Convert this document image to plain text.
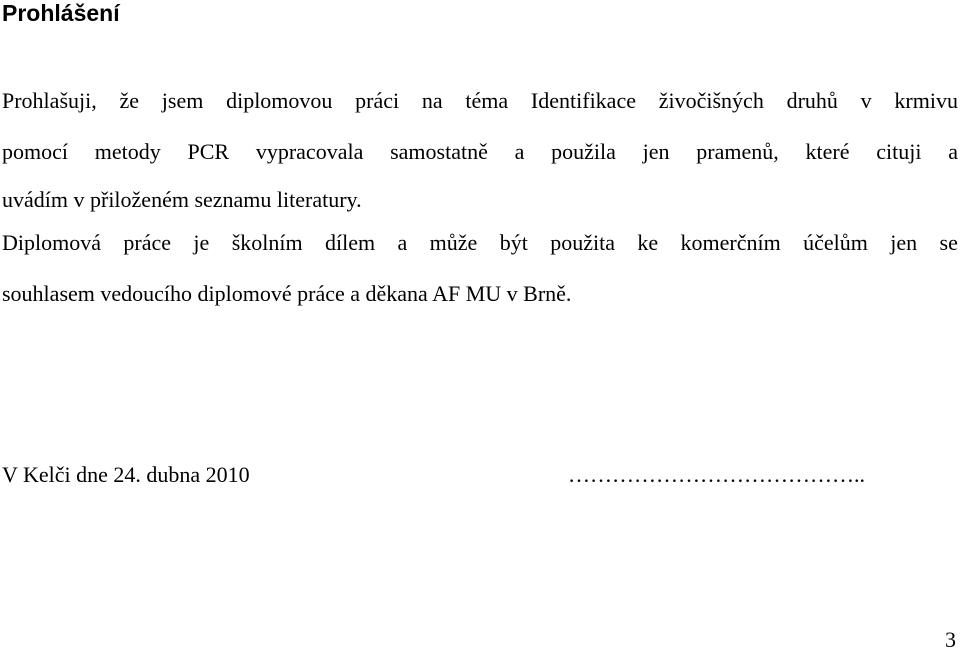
Prohlášení
Prohlašuji, že jsem diplomovou práci na téma Identifikace živočišných druhů v krmivu
pomocí metody PCR vypracovala samostatně a použila jen pramenů, které cituji a
uvádím v přiloženém seznamu literatury.
Diplomová práce je školním dílem a může být použita ke komerčním účelům jen se
souhlasem vedoucího diplomové práce a děkana AF MU v Brně.
V Kelči dne 24. dubna 2010	…………………………………..
3
